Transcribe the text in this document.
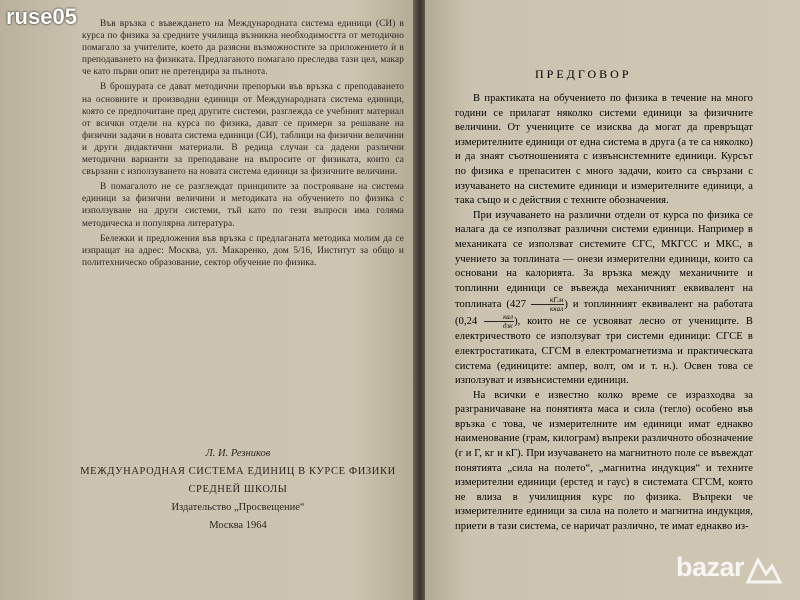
Във връзка с въвеждането на Международната система единици (СИ) в курса по физика за средните училища възникна необходимостта от методично помагало за учителите, което да разясни възможностите за приложението ѝ в преподаването на физиката. Предлаганото помагало преследва тази цел, макар че като първи опит не претендира за пълнота.

В брошурата се дават методични препоръки във връзка с преподаването на основните и производни единици от Международната система единици, която се предпочитане пред другите системи, разглежда се учебният материал от всички отдели на курса по физика, дават се примери за решаване на физични задачи в новата система единици (СИ), таблици на физични величини и други дидактични материали. В редица случаи са дадени различни методични варианти за преподаване на въпросите от физиката, които са свързани с използуването на новата система единици за физичните величини.

В помагалото не се разглеждат принципите за построяване на система единици за физични величини и методиката на обучението по физика с използуване на други системи, тъй като по тези въпроси има голяма методическа и популярна литература.

Бележки и предложения във връзка с предлаганата методика молим да се изпращат на адрес: Москва, ул. Макаренко, дом 5/16, Институт за общо и политехническо образование, сектор обучение по физика.

Л. И. Резников
МЕЖДУНАРОДНАЯ СИСТЕМА ЕДИНИЦ В КУРСЕ ФИЗИКИ
СРЕДНЕЙ ШКОЛЫ
Издательство „Просвещение“
Москва 1964
ПРЕДГОВОР

В практиката на обучението по физика в течение на много години се прилагат няколко системи единици за физичните величини. От учениците се изисква да могат да превръщат измерителните единици от една система в друга (а те са няколко) и да знаят съотношенията с извънсистемните единици. Курсът по физика е препаситен с много задачи, които са свързани с изучаването на системите единици и измерителните единици, а така също и с действия с техните обозначения.

При изучаването на различни отдели от курса по физика се налага да се използват различни системи единици. Например в механиката се използват системите СГС, МКГСС и МКС, в учението за топлината — онези измерителни единици, които са основани на калорията. За връзка между механичните и топлинни единици се въвежда механичният еквивалент на топлината ($427 \frac{кГ.м}{\text{ккал}}$ ) и топлинният еквивалент на работата ($0,24 \frac{\text{кал}}{дж}$ ), които не се усвояват лесно от учениците. В електричеството се използуват три системи единици: СГСЕ в електростатиката, СГСМ в електромагнетизма и практическата система (единиците: ампер, волт, ом и т. н.). Освен това се използуват и извънсистемни единици.

На всички е известно колко време се изразходва за разграничаване на понятията маса и сила (тегло) особено във връзка с това, че измерителните им единици имат еднакво наименование (грам, килограм) въпреки различното обозначение (г и Г, кг и кГ). При изучаването на магнитното поле се въвеждат понятията „сила на полето“, „магнитна индукция“ и техните измерителни единици (ерстед и гаус) в системата СГСМ, която не влиза в училищния курс по физика. Въпреки че измерителните единици за сила на полето и магнитна индукция, приети в тази система, се наричат различно, те имат еднакво из-

ruse05
bazar
